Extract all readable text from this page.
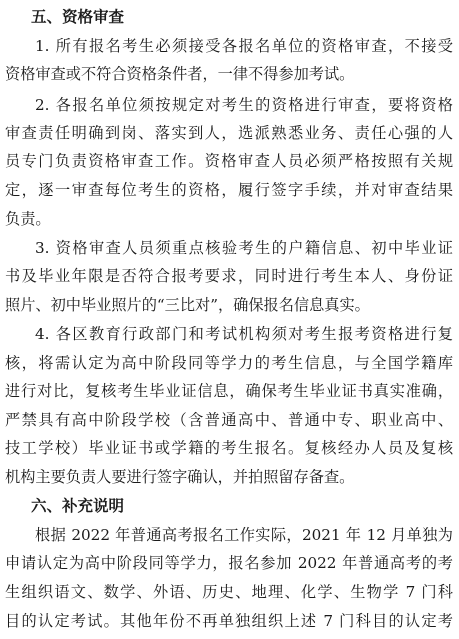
五、资格审查
1. 所有报名考生必须接受各报名单位的资格审查，不接受
资格审查或不符合资格条件者，一律不得参加考试。
2. 各报名单位须按规定对考生的资格进行审查，要将资格
审查责任明确到岗、落实到人，选派熟悉业务、责任心强的人
员专门负责资格审查工作。资格审查人员必须严格按照有关规
定，逐一审查每位考生的资格，履行签字手续，并对审查结果
负责。
3. 资格审查人员须重点核验考生的户籍信息、初中毕业证
书及毕业年限是否符合报考要求，同时进行考生本人、身份证
照片、初中毕业照片的“三比对”，确保报名信息真实。
4. 各区教育行政部门和考试机构须对考生报考资格进行复
核，将需认定为高中阶段同等学力的考生信息，与全国学籍库
进行对比，复核考生毕业证信息，确保考生毕业证书真实准确，
严禁具有高中阶段学校（含普通高中、普通中专、职业高中、
技工学校）毕业证书或学籍的考生报名。复核经办人员及复核
机构主要负责人要进行签字确认，并拍照留存备查。
六、补充说明
根据 2022 年普通高考报名工作实际，2021 年 12 月单独为
申请认定为高中阶段同等学力，报名参加 2022 年普通高考的考
生组织语文、数学、外语、历史、地理、化学、生物学 7 门科
目的认定考试。其他年份不再单独组织上述 7 门科目的认定考
